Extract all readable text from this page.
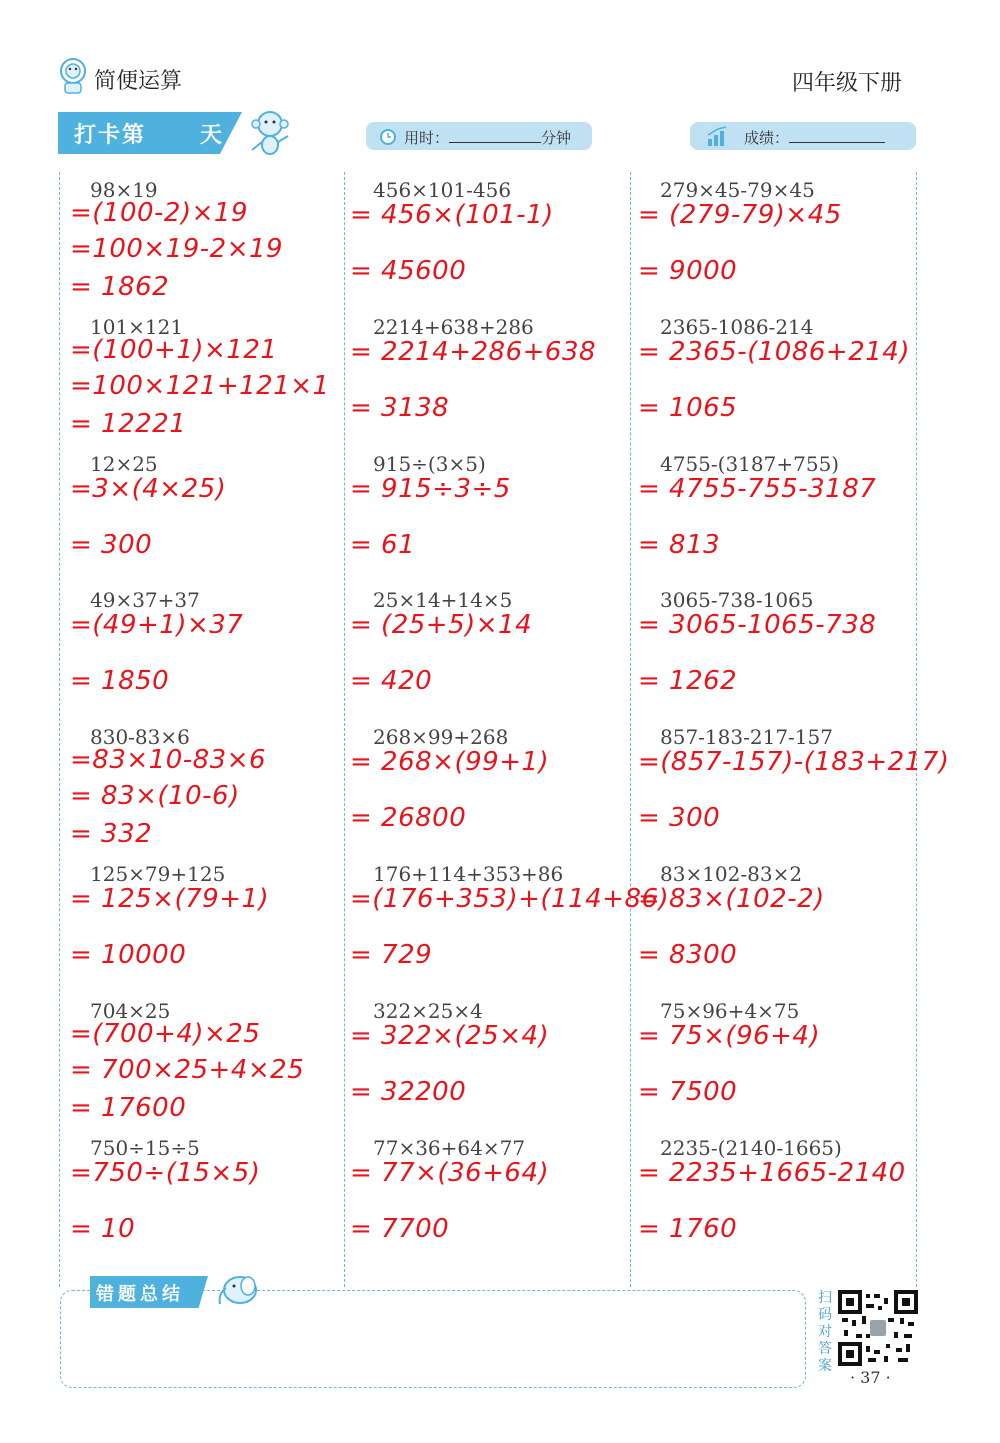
简便运算	四年级下册
打卡第 天	用时：	分钟	成绩：
98×19
=(100-2)×19
=100×19-2×19
= 1862
101×121
=(100+1)×121
=100×121+121×1
= 12221
12×25
=3×(4×25)
= 300
49×37+37
=(49+1)×37
= 1850
830-83×6
=83×10-83×6
= 83×(10-6)
= 332
125×79+125
= 125×(79+1)
= 10000
704×25
=(700+4)×25
= 700×25+4×25
= 17600
750÷15÷5
=750÷(15×5)
= 10
456×101-456
= 456×(101-1)
= 45600
2214+638+286
= 2214+286+638
= 3138
915÷(3×5)
= 915÷3÷5
= 61
25×14+14×5
= (25+5)×14
= 420
268×99+268
= 268×(99+1)
= 26800
176+114+353+86
=(176+353)+(114+86)
= 729
322×25×4
= 322×(25×4)
= 32200
77×36+64×77
= 77×(36+64)
= 7700
279×45-79×45
= (279-79)×45
= 9000
2365-1086-214
= 2365-(1086+214)
= 1065
4755-(3187+755)
= 4755-755-3187
= 813
3065-738-1065
= 3065-1065-738
= 1262
857-183-217-157
=(857-157)-(183+217)
= 300
83×102-83×2
= 83×(102-2)
= 8300
75×96+4×75
= 75×(96+4)
= 7500
2235-(2140-1665)
= 2235+1665-2140
= 1760
错题总结	扫码对答案
· 37 ·
